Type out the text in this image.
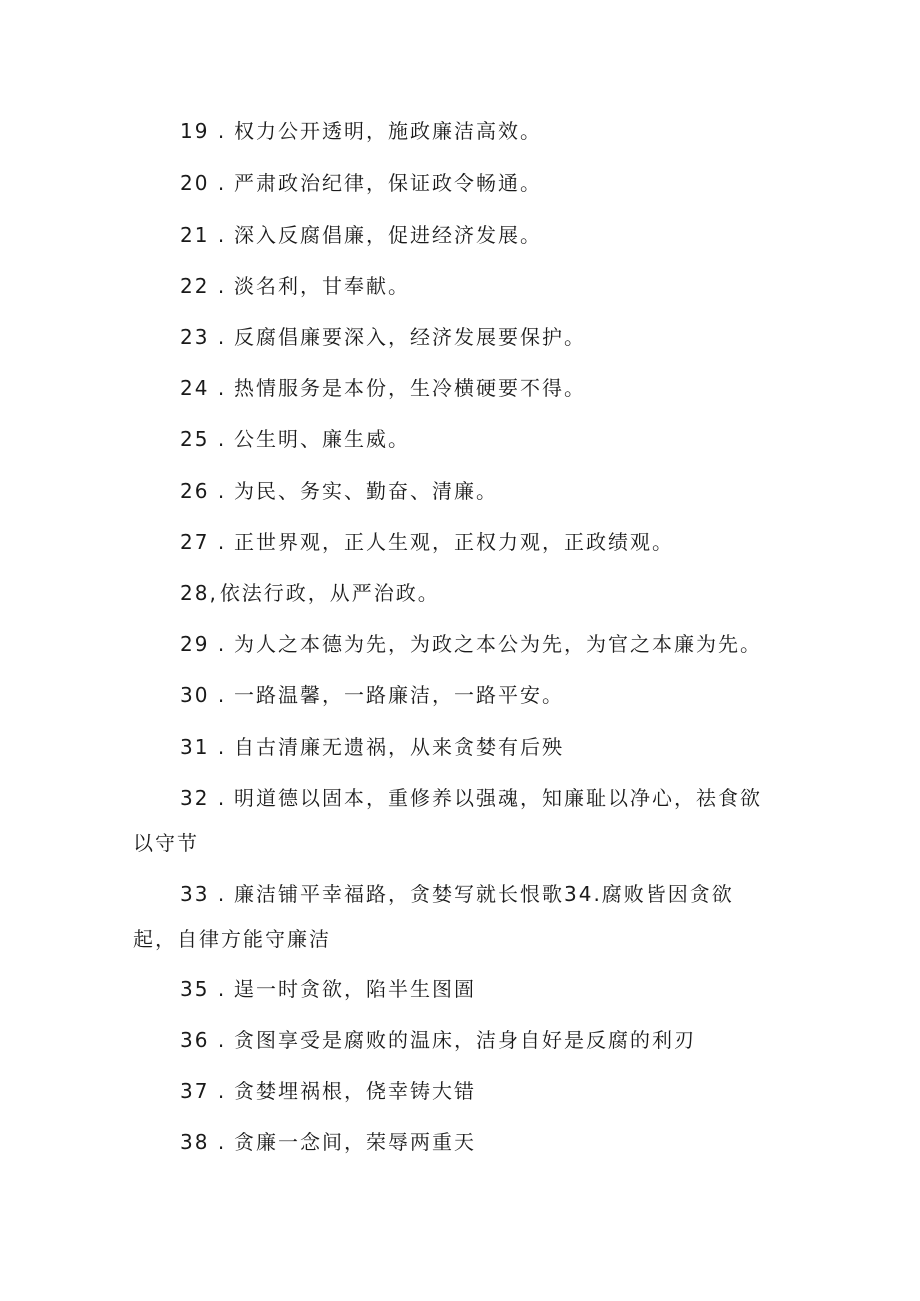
19 . 权力公开透明，施政廉洁高效。
20 . 严肃政治纪律，保证政令畅通。
21 . 深入反腐倡廉，促进经济发展。
22 . 淡名利，甘奉献。
23 . 反腐倡廉要深入，经济发展要保护。
24 . 热情服务是本份，生冷横硬要不得。
25 . 公生明、廉生威。
26 . 为民、务实、勤奋、清廉。
27 . 正世界观，正人生观，正权力观，正政绩观。
28, 依法行政，从严治政。
29 . 为人之本德为先，为政之本公为先，为官之本廉为先。
30 . 一路温馨，一路廉洁，一路平安。
31 . 自古清廉无遗祸，从来贪婪有后殃
32 . 明道德以固本，重修养以强魂，知廉耻以净心，祛食欲
以守节
33 . 廉洁铺平幸福路，贪婪写就长恨歌34.腐败皆因贪欲
起，自律方能守廉洁
35 . 逞一时贪欲，陷半生图圄
36 . 贪图享受是腐败的温床，洁身自好是反腐的利刃
37 . 贪婪埋祸根，侥幸铸大错
38 . 贪廉一念间，荣辱两重天
